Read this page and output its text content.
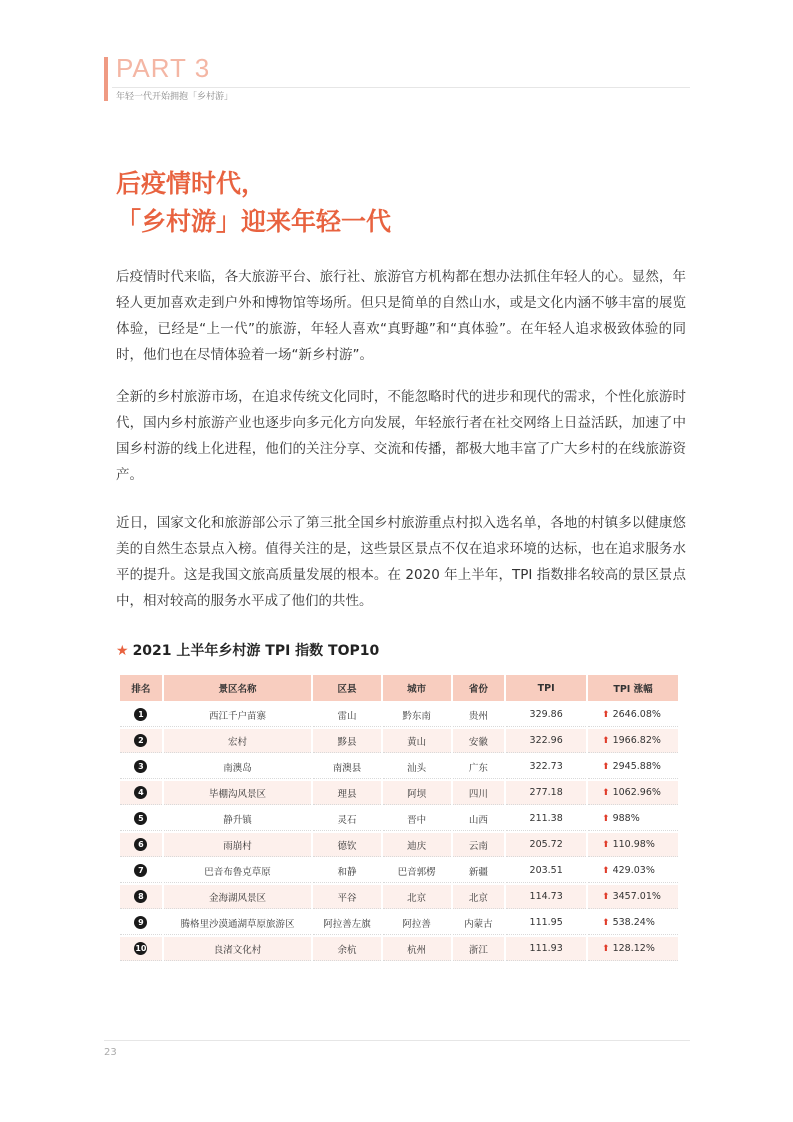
PART 3
年轻一代开始拥抱「乡村游」
后疫情时代，
「乡村游」迎来年轻一代
后疫情时代来临，各大旅游平台、旅行社、旅游官方机构都在想办法抓住年轻人的心。显然，年轻人更加喜欢走到户外和博物馆等场所。但只是简单的自然山水，或是文化内涵不够丰富的展览体验，已经是“上一代”的旅游，年轻人喜欢“真野趣”和“真体验”。在年轻人追求极致体验的同时，他们也在尽情体验着一场“新乡村游”。
全新的乡村旅游市场，在追求传统文化同时，不能忽略时代的进步和现代的需求，个性化旅游时代，国内乡村旅游产业也逐步向多元化方向发展，年轻旅行者在社交网络上日益活跃，加速了中国乡村游的线上化进程，他们的关注分享、交流和传播，都极大地丰富了广大乡村的在线旅游资产。
近日，国家文化和旅游部公示了第三批全国乡村旅游重点村拟入选名单，各地的村镇多以健康悠美的自然生态景点入榜。值得关注的是，这些景区景点不仅在追求环境的达标，也在追求服务水平的提升。这是我国文旅高质量发展的根本。在 2020 年上半年，TPI 指数排名较高的景区景点中，相对较高的服务水平成了他们的共性。
★ 2021 上半年乡村游 TPI 指数 TOP10
排名	景区名称	区县	城市	省份	TPI	TPI 涨幅
1	西江千户苗寨	雷山	黔东南	贵州	329.86	⬆ 2646.08%
2	宏村	黟县	黄山	安徽	322.96	⬆ 1966.82%
3	南澳岛	南澳县	汕头	广东	322.73	⬆ 2945.88%
4	毕棚沟风景区	理县	阿坝	四川	277.18	⬆ 1062.96%
5	静升镇	灵石	晋中	山西	211.38	⬆ 988%
6	雨崩村	德钦	迪庆	云南	205.72	⬆ 110.98%
7	巴音布鲁克草原	和静	巴音郭楞	新疆	203.51	⬆ 429.03%
8	金海湖风景区	平谷	北京	北京	114.73	⬆ 3457.01%
9	腾格里沙漠通湖草原旅游区	阿拉善左旗	阿拉善	内蒙古	111.95	⬆ 538.24%
10	良渚文化村	余杭	杭州	浙江	111.93	⬆ 128.12%
23
